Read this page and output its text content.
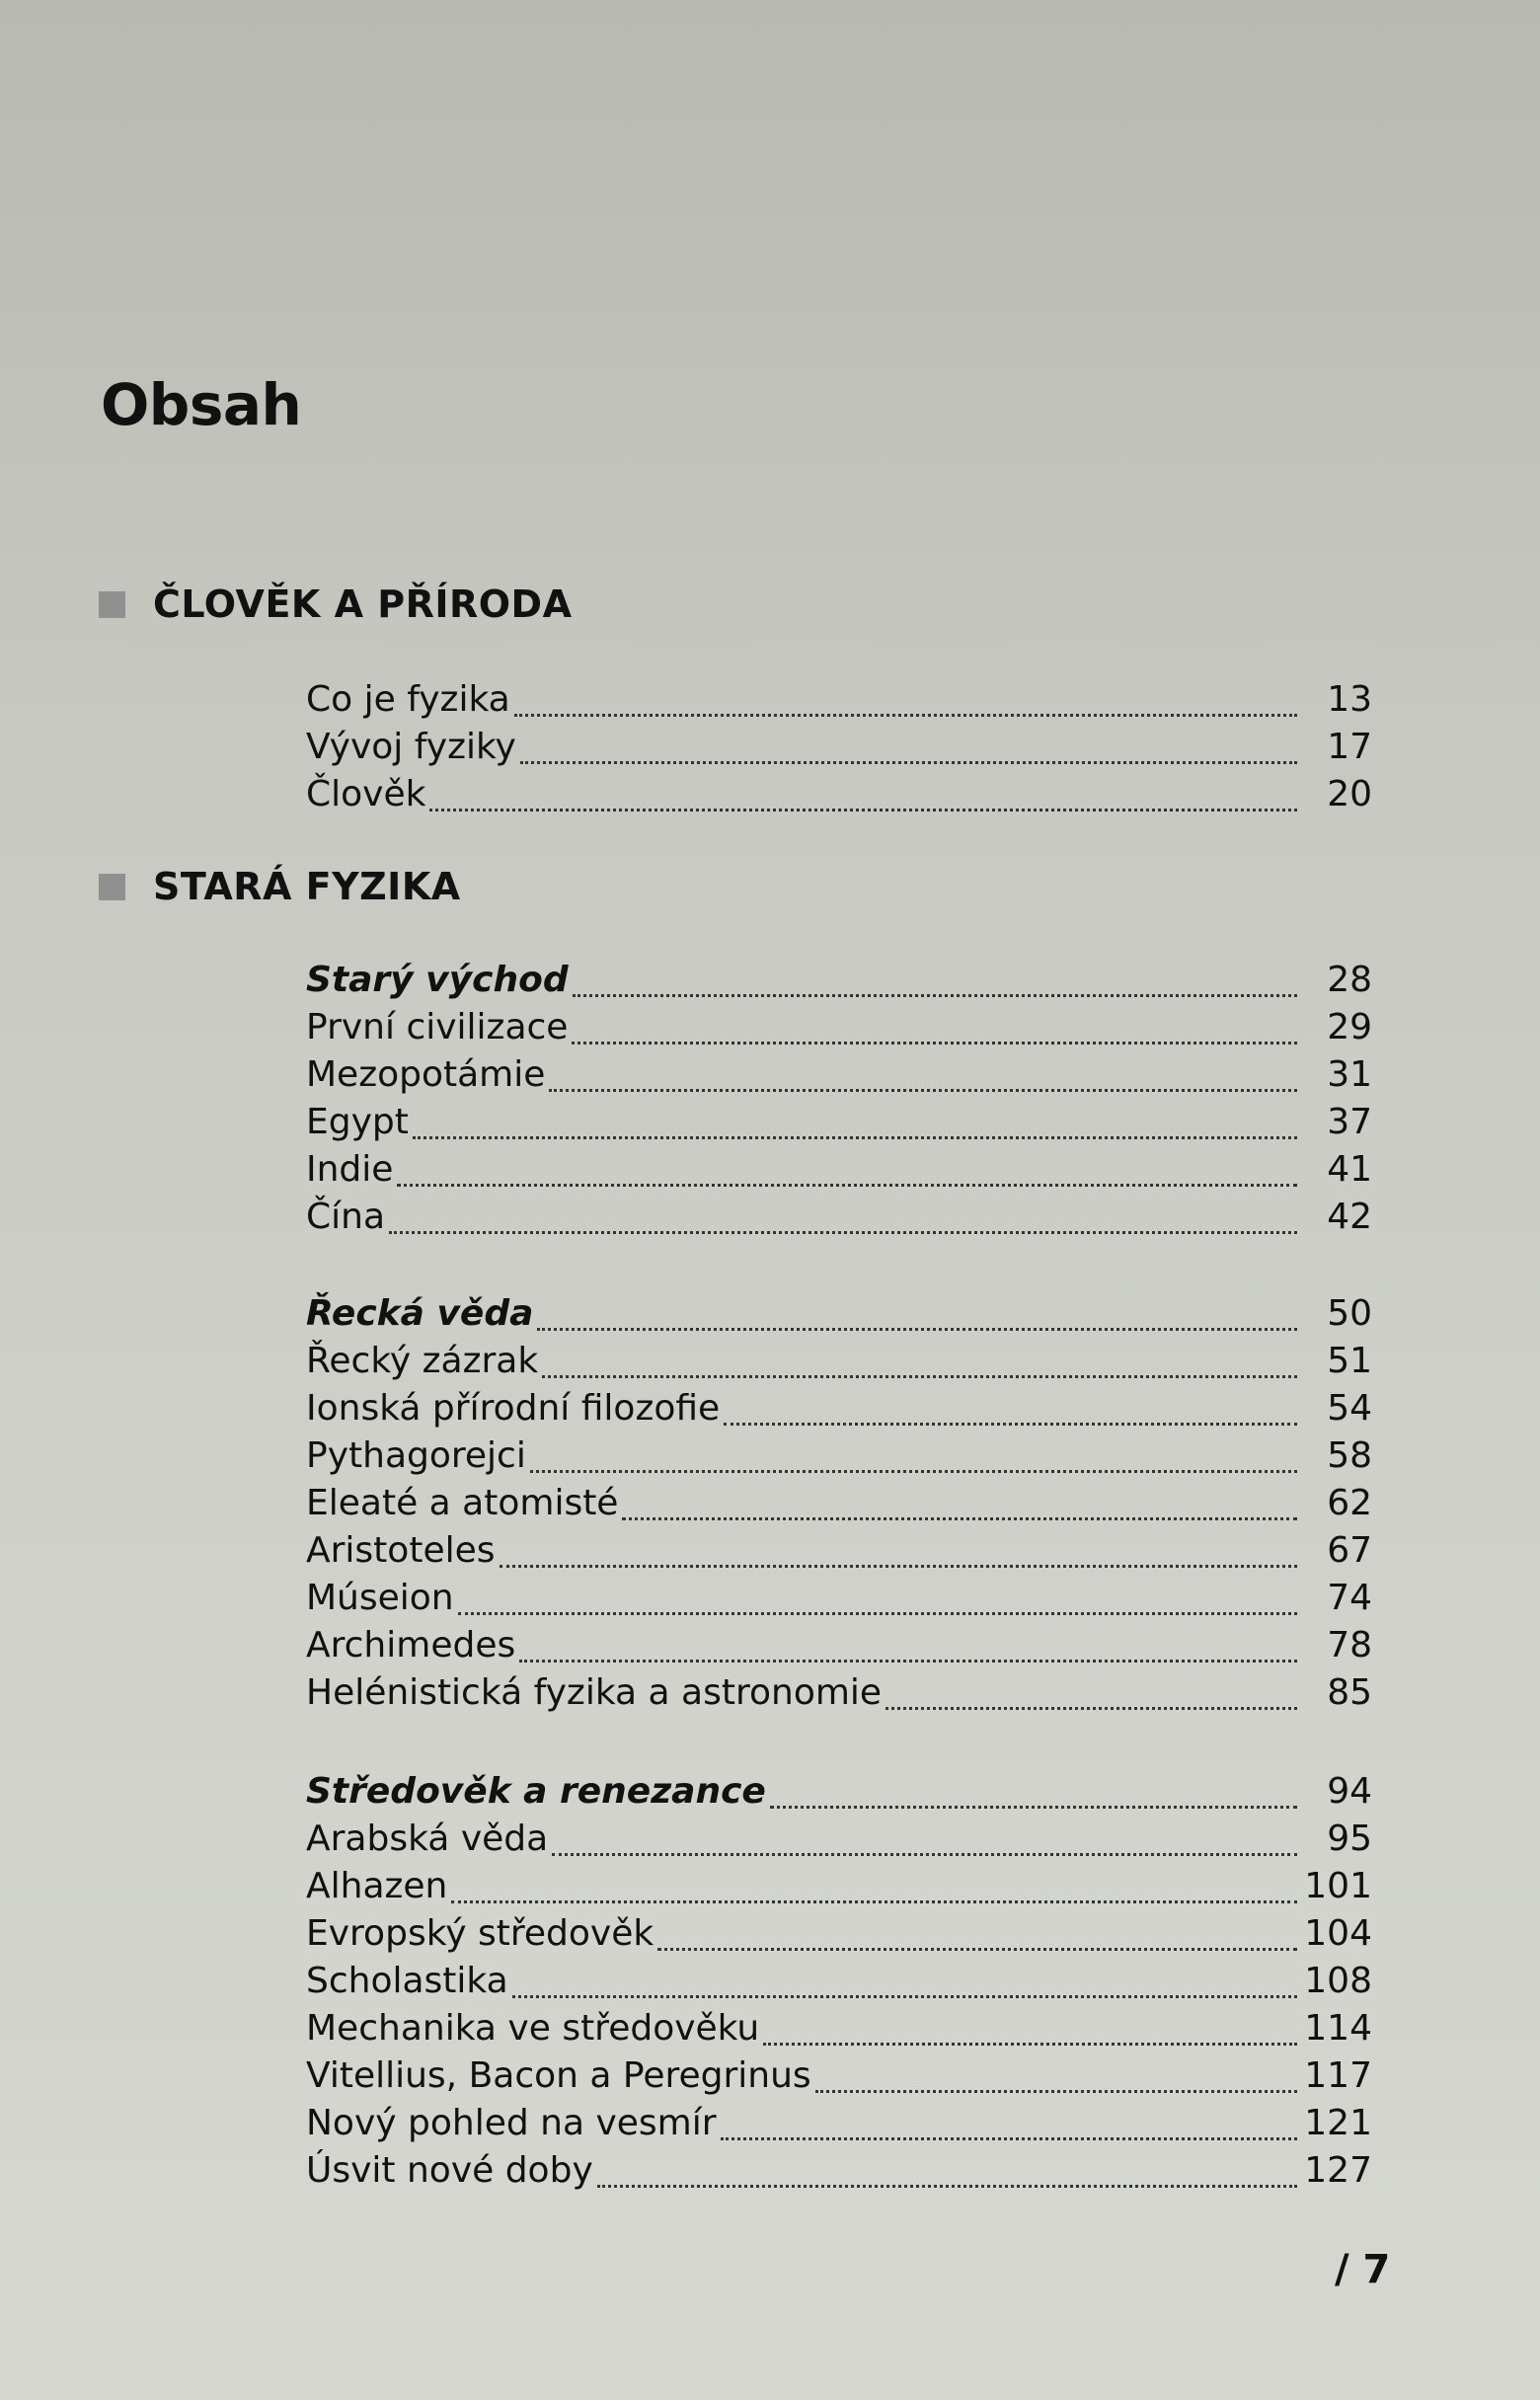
Obsah
ČLOVĚK A PŘÍRODA
STARÁ FYZIKA
Co je fyzika	13
Vývoj fyziky	17
Člověk	20
Starý východ	28
První civilizace	29
Mezopotámie	31
Egypt	37
Indie	41
Čína	42
Řecká věda	50
Řecký zázrak	51
Ionská přírodní filozofie	54
Pythagorejci	58
Eleaté a atomisté	62
Aristoteles	67
Múseion	74
Archimedes	78
Helénistická fyzika a astronomie	85
Středověk a renezance	94
Arabská věda	95
Alhazen	101
Evropský středověk	104
Scholastika	108
Mechanika ve středověku	114
Vitellius, Bacon a Peregrinus	117
Nový pohled na vesmír	121
Úsvit nové doby	127
/ 7
